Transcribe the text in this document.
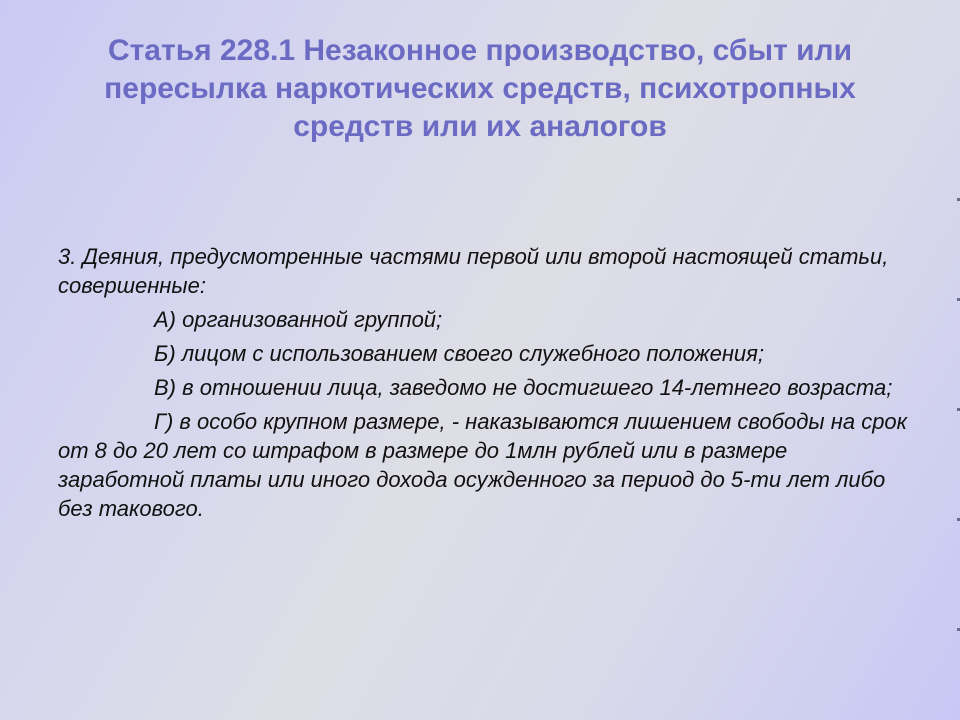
Статья 228.1 Незаконное производство, сбыт или пересылка наркотических средств, психотропных средств или их аналогов

3. Деяния, предусмотренные частями первой или второй настоящей статьи, совершенные:

А) организованной группой;

Б) лицом с использованием своего служебного положения;

В) в отношении лица, заведомо не достигшего 14-летнего возраста;

Г) в особо крупном размере, - наказываются лишением свободы на срок от 8 до 20 лет со штрафом в размере до 1млн рублей или в размере заработной платы или иного дохода осужденного за период до 5-ти лет либо без такового.
